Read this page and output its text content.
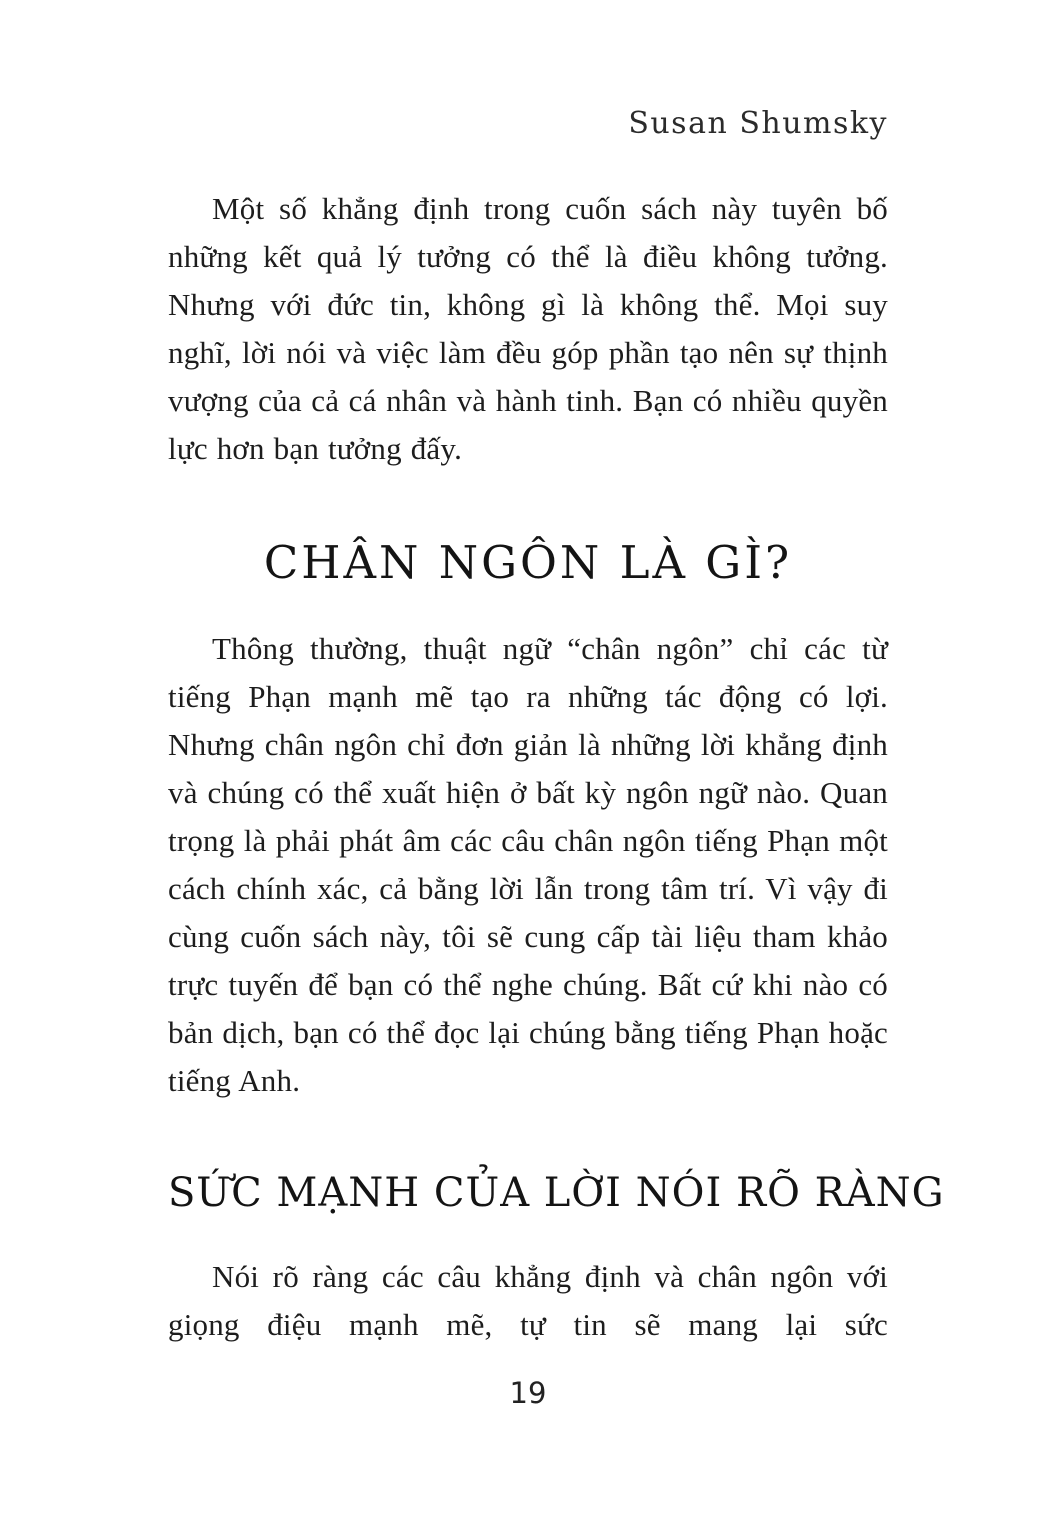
Susan Shumsky

Một số khẳng định trong cuốn sách này tuyên bố những kết quả lý tưởng có thể là điều không tưởng. Nhưng với đức tin, không gì là không thể. Mọi suy nghĩ, lời nói và việc làm đều góp phần tạo nên sự thịnh vượng của cả cá nhân và hành tinh. Bạn có nhiều quyền lực hơn bạn tưởng đấy.

CHÂN NGÔN LÀ GÌ?

Thông thường, thuật ngữ “chân ngôn” chỉ các từ tiếng Phạn mạnh mẽ tạo ra những tác động có lợi. Nhưng chân ngôn chỉ đơn giản là những lời khẳng định và chúng có thể xuất hiện ở bất kỳ ngôn ngữ nào. Quan trọng là phải phát âm các câu chân ngôn tiếng Phạn một cách chính xác, cả bằng lời lẫn trong tâm trí. Vì vậy đi cùng cuốn sách này, tôi sẽ cung cấp tài liệu tham khảo trực tuyến để bạn có thể nghe chúng. Bất cứ khi nào có bản dịch, bạn có thể đọc lại chúng bằng tiếng Phạn hoặc tiếng Anh.

SỨC MẠNH CỦA LỜI NÓI RÕ RÀNG

Nói rõ ràng các câu khẳng định và chân ngôn với giọng điệu mạnh mẽ, tự tin sẽ mang lại sức

19
